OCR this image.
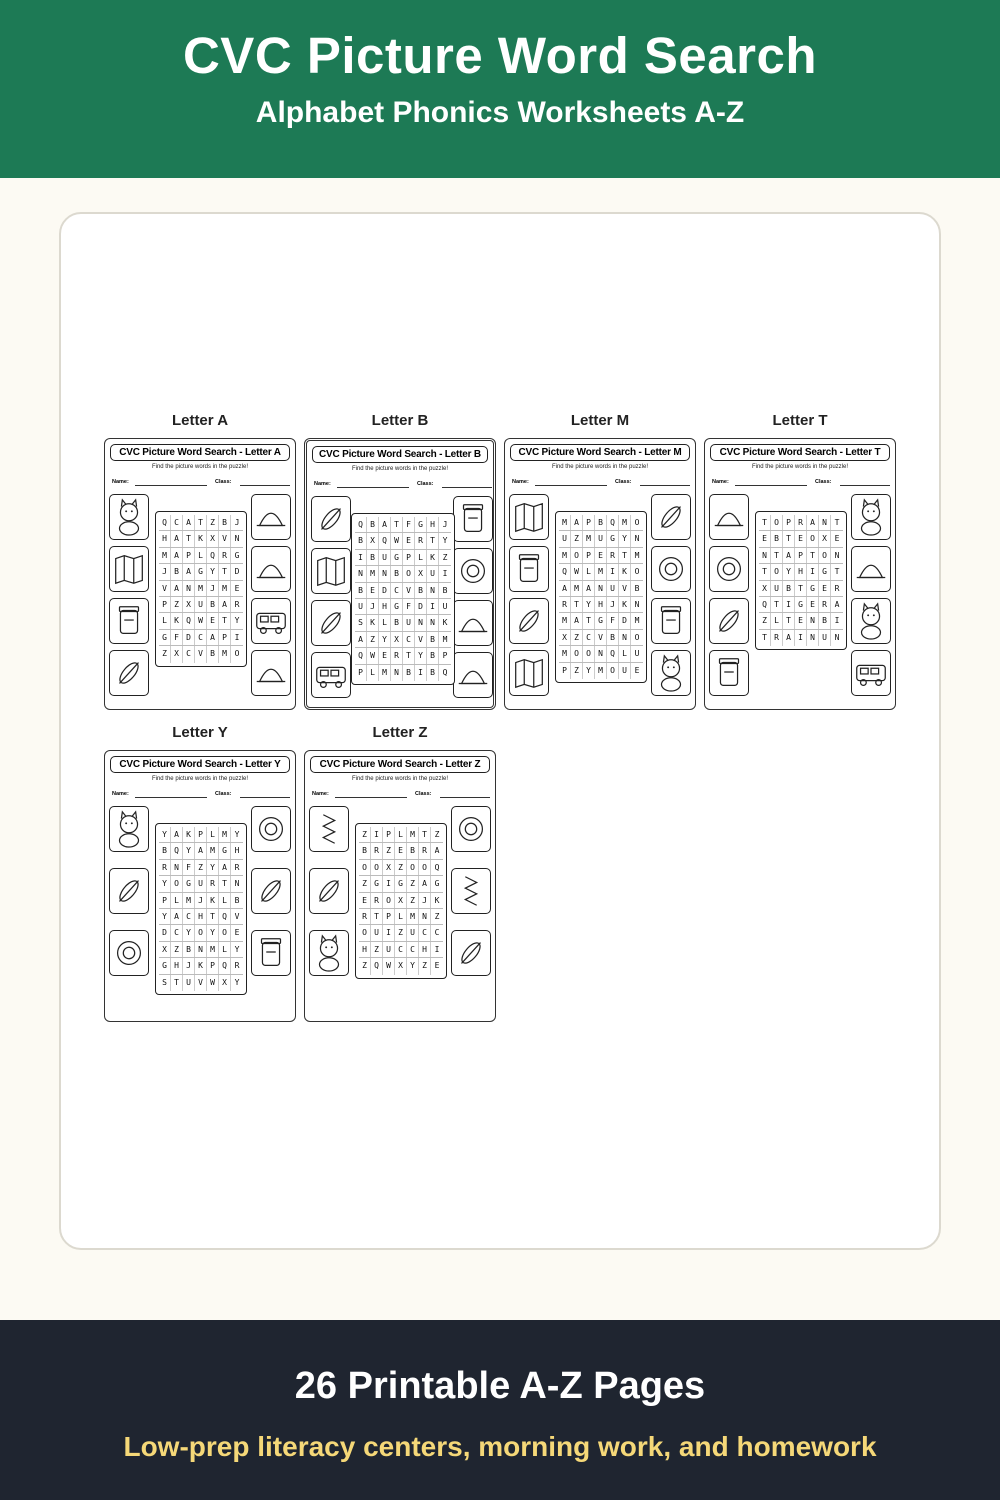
CVC Picture Word Search
Alphabet Phonics Worksheets A-Z
Letter A
CVC Picture Word Search - Letter A
Find the picture words in the puzzle!
Name:	Class:
Q C A T Z B J
H A T K X V N
M A P L Q R G
J B A G Y T D
V A N M J M E
P Z X U B A R
L K Q W E T Y
G F D C A P I
Z X C V B M O
Letter B
CVC Picture Word Search - Letter B
Find the picture words in the puzzle!
Name:	Class:
Q B A T F G H J
B X Q W E R T Y
I B U G P L K Z
N M N B O X U I
B E D C V B N B
U J H G F D I U
S K L B U N N K
A Z Y X C V B M
Q W E R T Y B P
P L M N B I B Q
Letter M
CVC Picture Word Search - Letter M
Find the picture words in the puzzle!
Name:	Class:
M A P B Q M O
U Z M U G Y N
M O P E R T M
Q W L M I K O
A M A N U V B
R T Y H J K N
M A T G F D M
X Z C V B N O
M O O N Q L U
P Z Y M O U E
Letter T
CVC Picture Word Search - Letter T
Find the picture words in the puzzle!
Name:	Class:
T O P R A N T
E B T E O X E
N T A P T O N
T O Y H I G T
X U B T G E R
Q T I G E R A
Z L T E N B I
T R A I N U N
Letter Y
CVC Picture Word Search - Letter Y
Find the picture words in the puzzle!
Name:	Class:
Y A K P L M Y
B Q Y A M G H
R N F Z Y A R
Y O G U R T N
P L M J K L B
Y A C H T Q V
D C Y O Y O E
X Z B N M L Y
G H J K P Q R
S T U V W X Y
Letter Z
CVC Picture Word Search - Letter Z
Find the picture words in the puzzle!
Name:	Class:
Z I P L M T Z
B R Z E B R A
O O X Z O O Q
Z G I G Z A G
E R O X Z J K
R T P L M N Z
O U I Z U C C
H Z U C C H I
Z Q W X Y Z E
26 Printable A-Z Pages
Low-prep literacy centers, morning work, and homework
